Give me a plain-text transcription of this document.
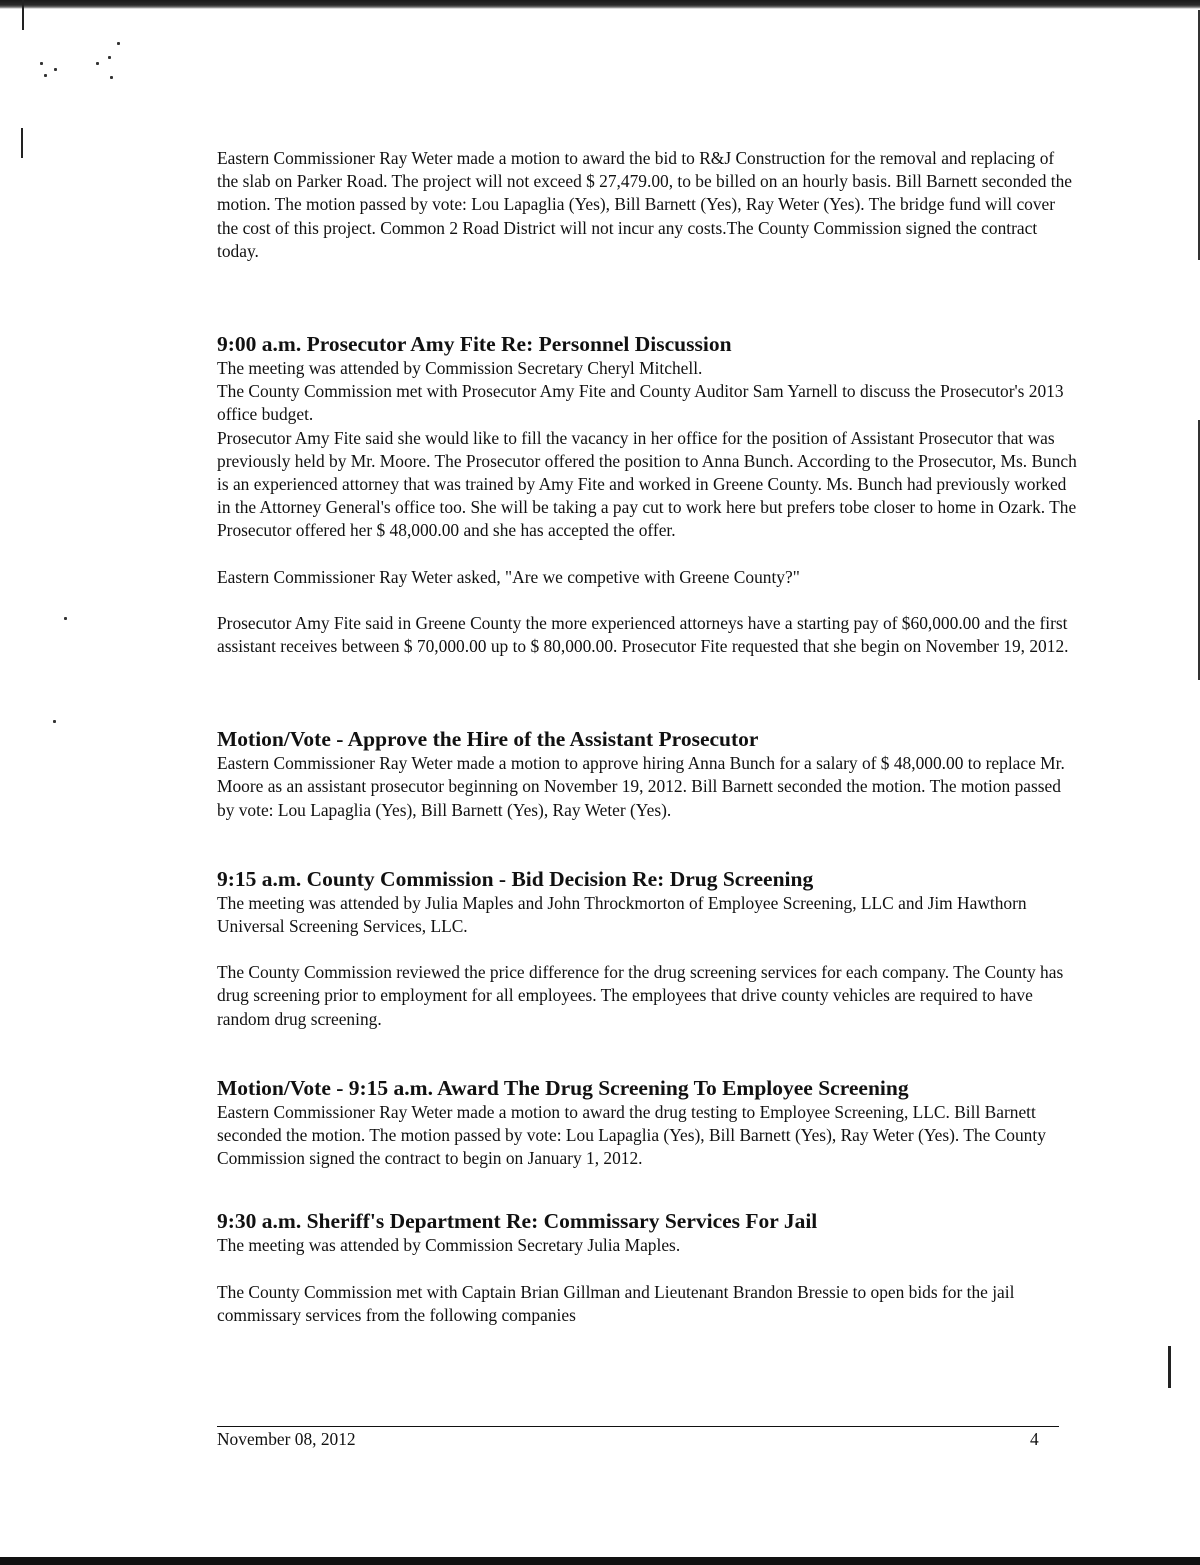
Eastern Commissioner Ray Weter made a motion to award the bid to R&J Construction for the removal and replacing of the slab on Parker Road. The project will not exceed $ 27,479.00, to be billed on an hourly basis. Bill Barnett seconded the motion. The motion passed by vote: Lou Lapaglia (Yes), Bill Barnett (Yes), Ray Weter (Yes). The bridge fund will cover the cost of this project. Common 2 Road District will not incur any costs.The County Commission signed the contract today.

9:00 a.m. Prosecutor Amy Fite Re: Personnel Discussion

The meeting was attended by Commission Secretary Cheryl Mitchell.

The County Commission met with Prosecutor Amy Fite and County Auditor Sam Yarnell to discuss the Prosecutor's 2013 office budget.

Prosecutor Amy Fite said she would like to fill the vacancy in her office for the position of Assistant Prosecutor that was previously held by Mr. Moore. The Prosecutor offered the position to Anna Bunch. According to the Prosecutor, Ms. Bunch is an experienced attorney that was trained by Amy Fite and worked in Greene County. Ms. Bunch had previously worked in the Attorney General's office too. She will be taking a pay cut to work here but prefers tobe closer to home in Ozark. The Prosecutor offered her $ 48,000.00 and she has accepted the offer.

Eastern Commissioner Ray Weter asked, "Are we competive with Greene County?"

Prosecutor Amy Fite said in Greene County the more experienced attorneys have a starting pay of $60,000.00 and the first assistant receives between $ 70,000.00 up to $ 80,000.00. Prosecutor Fite requested that she begin on November 19, 2012.

Motion/Vote - Approve the Hire of the Assistant Prosecutor

Eastern Commissioner Ray Weter made a motion to approve hiring Anna Bunch for a salary of $ 48,000.00 to replace Mr. Moore as an assistant prosecutor beginning on November 19, 2012. Bill Barnett seconded the motion. The motion passed by vote: Lou Lapaglia (Yes), Bill Barnett (Yes), Ray Weter (Yes).

9:15 a.m. County Commission - Bid Decision Re: Drug Screening

The meeting was attended by Julia Maples and John Throckmorton of Employee Screening, LLC and Jim Hawthorn Universal Screening Services, LLC.

The County Commission reviewed the price difference for the drug screening services for each company. The County has drug screening prior to employment for all employees. The employees that drive county vehicles are required to have random drug screening.

Motion/Vote - 9:15 a.m. Award The Drug Screening To Employee Screening

Eastern Commissioner Ray Weter made a motion to award the drug testing to Employee Screening, LLC. Bill Barnett seconded the motion. The motion passed by vote: Lou Lapaglia (Yes), Bill Barnett (Yes), Ray Weter (Yes). The County Commission signed the contract to begin on January 1, 2012.

9:30 a.m. Sheriff's Department Re: Commissary Services For Jail

The meeting was attended by Commission Secretary Julia Maples.

The County Commission met with Captain Brian Gillman and Lieutenant Brandon Bressie to open bids for the jail commissary services from the following companies

November 08, 2012	4
